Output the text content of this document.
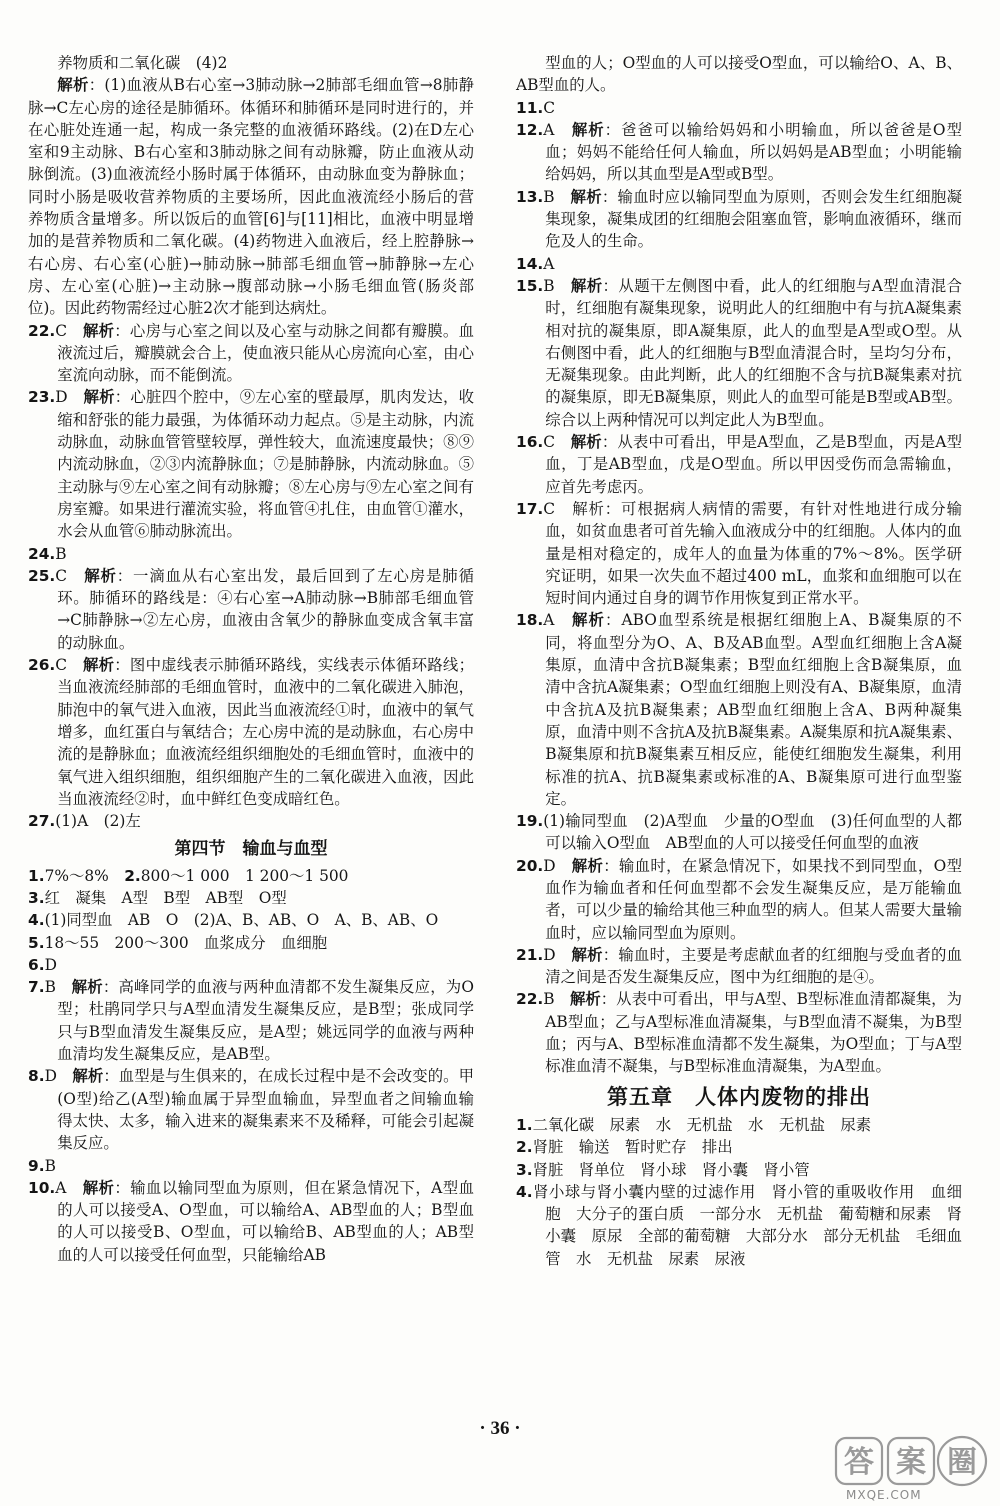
养物质和二氧化碳　(4)2

解析：(1)血液从B右心室→3肺动脉→2肺部毛细血管→8肺静脉→C左心房的途径是肺循环。体循环和肺循环是同时进行的，并在心脏处连通一起，构成一条完整的血液循环路线。(2)在D左心室和9主动脉、B右心室和3肺动脉之间有动脉瓣，防止血液从动脉倒流。(3)血液流经小肠时属于体循环，由动脉血变为静脉血；同时小肠是吸收营养物质的主要场所，因此血液流经小肠后的营养物质含量增多。所以饭后的血管[6]与[11]相比，血液中明显增加的是营养物质和二氧化碳。(4)药物进入血液后，经上腔静脉→右心房、右心室(心脏)→肺动脉→肺部毛细血管→肺静脉→左心房、左心室(心脏)→主动脉→腹部动脉→小肠毛细血管(肠炎部位)。因此药物需经过心脏2次才能到达病灶。

22.C　 解析：心房与心室之间以及心室与动脉之间都有瓣膜。血液流过后，瓣膜就会合上，使血液只能从心房流向心室，由心室流向动脉，而不能倒流。

23.D　 解析：心脏四个腔中，⑨左心室的壁最厚，肌肉发达，收缩和舒张的能力最强，为体循环动力起点。⑤是主动脉，内流动脉血，动脉血管管壁较厚，弹性较大，血流速度最快；⑧⑨内流动脉血，②③内流静脉血；⑦是肺静脉，内流动脉血。⑤主动脉与⑨左心室之间有动脉瓣；⑧左心房与⑨左心室之间有房室瓣。如果进行灌流实验，将血管④扎住，由血管①灌水，水会从血管⑥肺动脉流出。

24.B

25.C　 解析：一滴血从右心室出发，最后回到了左心房是肺循环。肺循环的路线是：④右心室→A肺动脉→B肺部毛细血管→C肺静脉→②左心房，血液由含氧少的静脉血变成含氧丰富的动脉血。

26.C　 解析：图中虚线表示肺循环路线，实线表示体循环路线；当血液流经肺部的毛细血管时，血液中的二氧化碳进入肺泡，肺泡中的氧气进入血液，因此当血液流经①时，血液中的氧气增多，血红蛋白与氧结合；左心房中流的是动脉血，右心房中流的是静脉血；血液流经组织细胞处的毛细血管时，血液中的氧气进入组织细胞，组织细胞产生的二氧化碳进入血液，因此当血液流经②时，血中鲜红色变成暗红色。

27.(1)A　(2)左

第四节　输血与血型

1.7%～8%　2.800～1 000　1 200～1 500

3.红　凝集　A型　B型　AB型　O型

4.(1)同型血　AB　O　(2)A、B、AB、O　A、B、AB、O

5.18～55　200～300　血浆成分　血细胞

6.D

7.B　 解析：高峰同学的血液与两种血清都不发生凝集反应，为O型；杜鹃同学只与A型血清发生凝集反应，是B型；张成同学只与B型血清发生凝集反应，是A型；姚远同学的血液与两种血清均发生凝集反应，是AB型。

8.D　 解析：血型是与生俱来的，在成长过程中是不会改变的。甲(O型)给乙(A型)输血属于异型血输血，异型血者之间输血输得太快、太多，输入进来的凝集素来不及稀释，可能会引起凝集反应。

9.B

10.A　 解析：输血以输同型血为原则，但在紧急情况下，A型血的人可以接受A、O型血，可以输给A、AB型血的人；B型血的人可以接受B、O型血，可以输给B、AB型血的人；AB型血的人可以接受任何血型，只能输给AB

型血的人；O型血的人可以接受O型血，可以输给O、A、B、AB型血的人。

11.C

12.A　 解析：爸爸可以输给妈妈和小明输血，所以爸爸是O型血；妈妈不能给任何人输血，所以妈妈是AB型血；小明能输给妈妈，所以其血型是A型或B型。

13.B　 解析：输血时应以输同型血为原则，否则会发生红细胞凝集现象，凝集成团的红细胞会阻塞血管，影响血液循环，继而危及人的生命。

14.A

15.B　 解析：从题干左侧图中看，此人的红细胞与A型血清混合时，红细胞有凝集现象，说明此人的红细胞中有与抗A凝集素相对抗的凝集原，即A凝集原，此人的血型是A型或O型。从右侧图中看，此人的红细胞与B型血清混合时，呈均匀分布，无凝集现象。由此判断，此人的红细胞不含与抗B凝集素对抗的凝集原，即无B凝集原，则此人的血型可能是B型或AB型。综合以上两种情况可以判定此人为B型血。

16.C　 解析：从表中可看出，甲是A型血，乙是B型血，丙是A型血，丁是AB型血，戊是O型血。所以甲因受伤而急需输血，应首先考虑丙。

17.C　 解析：可根据病人病情的需要，有针对性地进行成分输血，如贫血患者可首先输入血液成分中的红细胞。人体内的血量是相对稳定的，成年人的血量为体重的7%～8%。医学研究证明，如果一次失血不超过400 mL，血浆和血细胞可以在短时间内通过自身的调节作用恢复到正常水平。

18.A　 解析：ABO血型系统是根据红细胞上A、B凝集原的不同，将血型分为O、A、B及AB血型。A型血红细胞上含A凝集原，血清中含抗B凝集素；B型血红细胞上含B凝集原，血清中含抗A凝集素；O型血红细胞上则没有A、B凝集原，血清中含抗A及抗B凝集素；AB型血红细胞上含A、B两种凝集原，血清中则不含抗A及抗B凝集素。A凝集原和抗A凝集素、B凝集原和抗B凝集素互相反应，能使红细胞发生凝集，利用标准的抗A、抗B凝集素或标准的A、B凝集原可进行血型鉴定。

19.(1)输同型血　(2)A型血　少量的O型血　(3)任何血型的人都可以输入O型血　AB型血的人可以接受任何血型的血液

20.D　 解析：输血时，在紧急情况下，如果找不到同型血，O型血作为输血者和任何血型都不会发生凝集反应，是万能输血者，可以少量的输给其他三种血型的病人。但某人需要大量输血时，应以输同型血为原则。

21.D　 解析：输血时，主要是考虑献血者的红细胞与受血者的血清之间是否发生凝集反应，图中为红细胞的是④。

22.B　 解析：从表中可看出，甲与A型、B型标准血清都凝集，为AB型血；乙与A型标准血清凝集，与B型血清不凝集，为B型血；丙与A、B型标准血清都不发生凝集，为O型血；丁与A型标准血清不凝集，与B型标准血清凝集，为A型血。

第五章　人体内废物的排出

1.二氧化碳　尿素　水　无机盐　水　无机盐　尿素

2.肾脏　输送　暂时贮存　排出

3.肾脏　肾单位　肾小球　肾小囊　肾小管

4.肾小球与肾小囊内壁的过滤作用　肾小管的重吸收作用　血细胞　大分子的蛋白质　一部分水　无机盐　葡萄糖和尿素　肾小囊　原尿　全部的葡萄糖　大部分水　部分无机盐　毛细血管　水　无机盐　尿素　尿液

· 36 ·
答 案 圈
MXQE.COM
